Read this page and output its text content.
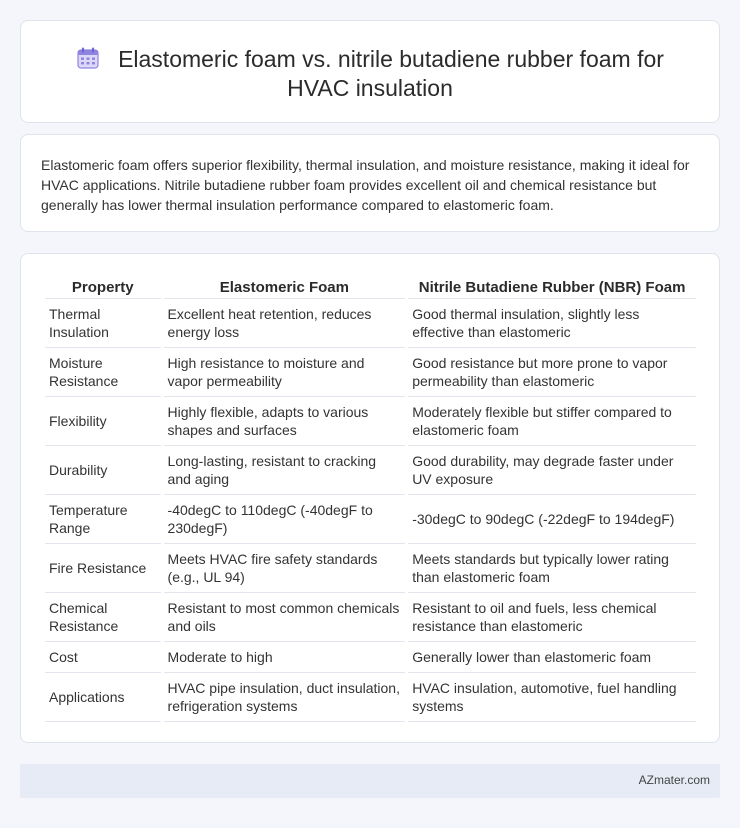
Elastomeric foam vs. nitrile butadiene rubber foam for HVAC insulation

Elastomeric foam offers superior flexibility, thermal insulation, and moisture resistance, making it ideal for HVAC applications. Nitrile butadiene rubber foam provides excellent oil and chemical resistance but generally has lower thermal insulation performance compared to elastomeric foam.

Property	Elastomeric Foam	Nitrile Butadiene Rubber (NBR) Foam
Thermal Insulation	Excellent heat retention, reduces energy loss	Good thermal insulation, slightly less effective than elastomeric
Moisture Resistance	High resistance to moisture and vapor permeability	Good resistance but more prone to vapor permeability than elastomeric
Flexibility	Highly flexible, adapts to various shapes and surfaces	Moderately flexible but stiffer compared to elastomeric foam
Durability	Long-lasting, resistant to cracking and aging	Good durability, may degrade faster under UV exposure
Temperature Range	-40degC to 110degC (-40degF to 230degF)	-30degC to 90degC (-22degF to 194degF)
Fire Resistance	Meets HVAC fire safety standards (e.g., UL 94)	Meets standards but typically lower rating than elastomeric foam
Chemical Resistance	Resistant to most common chemicals and oils	Resistant to oil and fuels, less chemical resistance than elastomeric
Cost	Moderate to high	Generally lower than elastomeric foam
Applications	HVAC pipe insulation, duct insulation, refrigeration systems	HVAC insulation, automotive, fuel handling systems
AZmater.com
